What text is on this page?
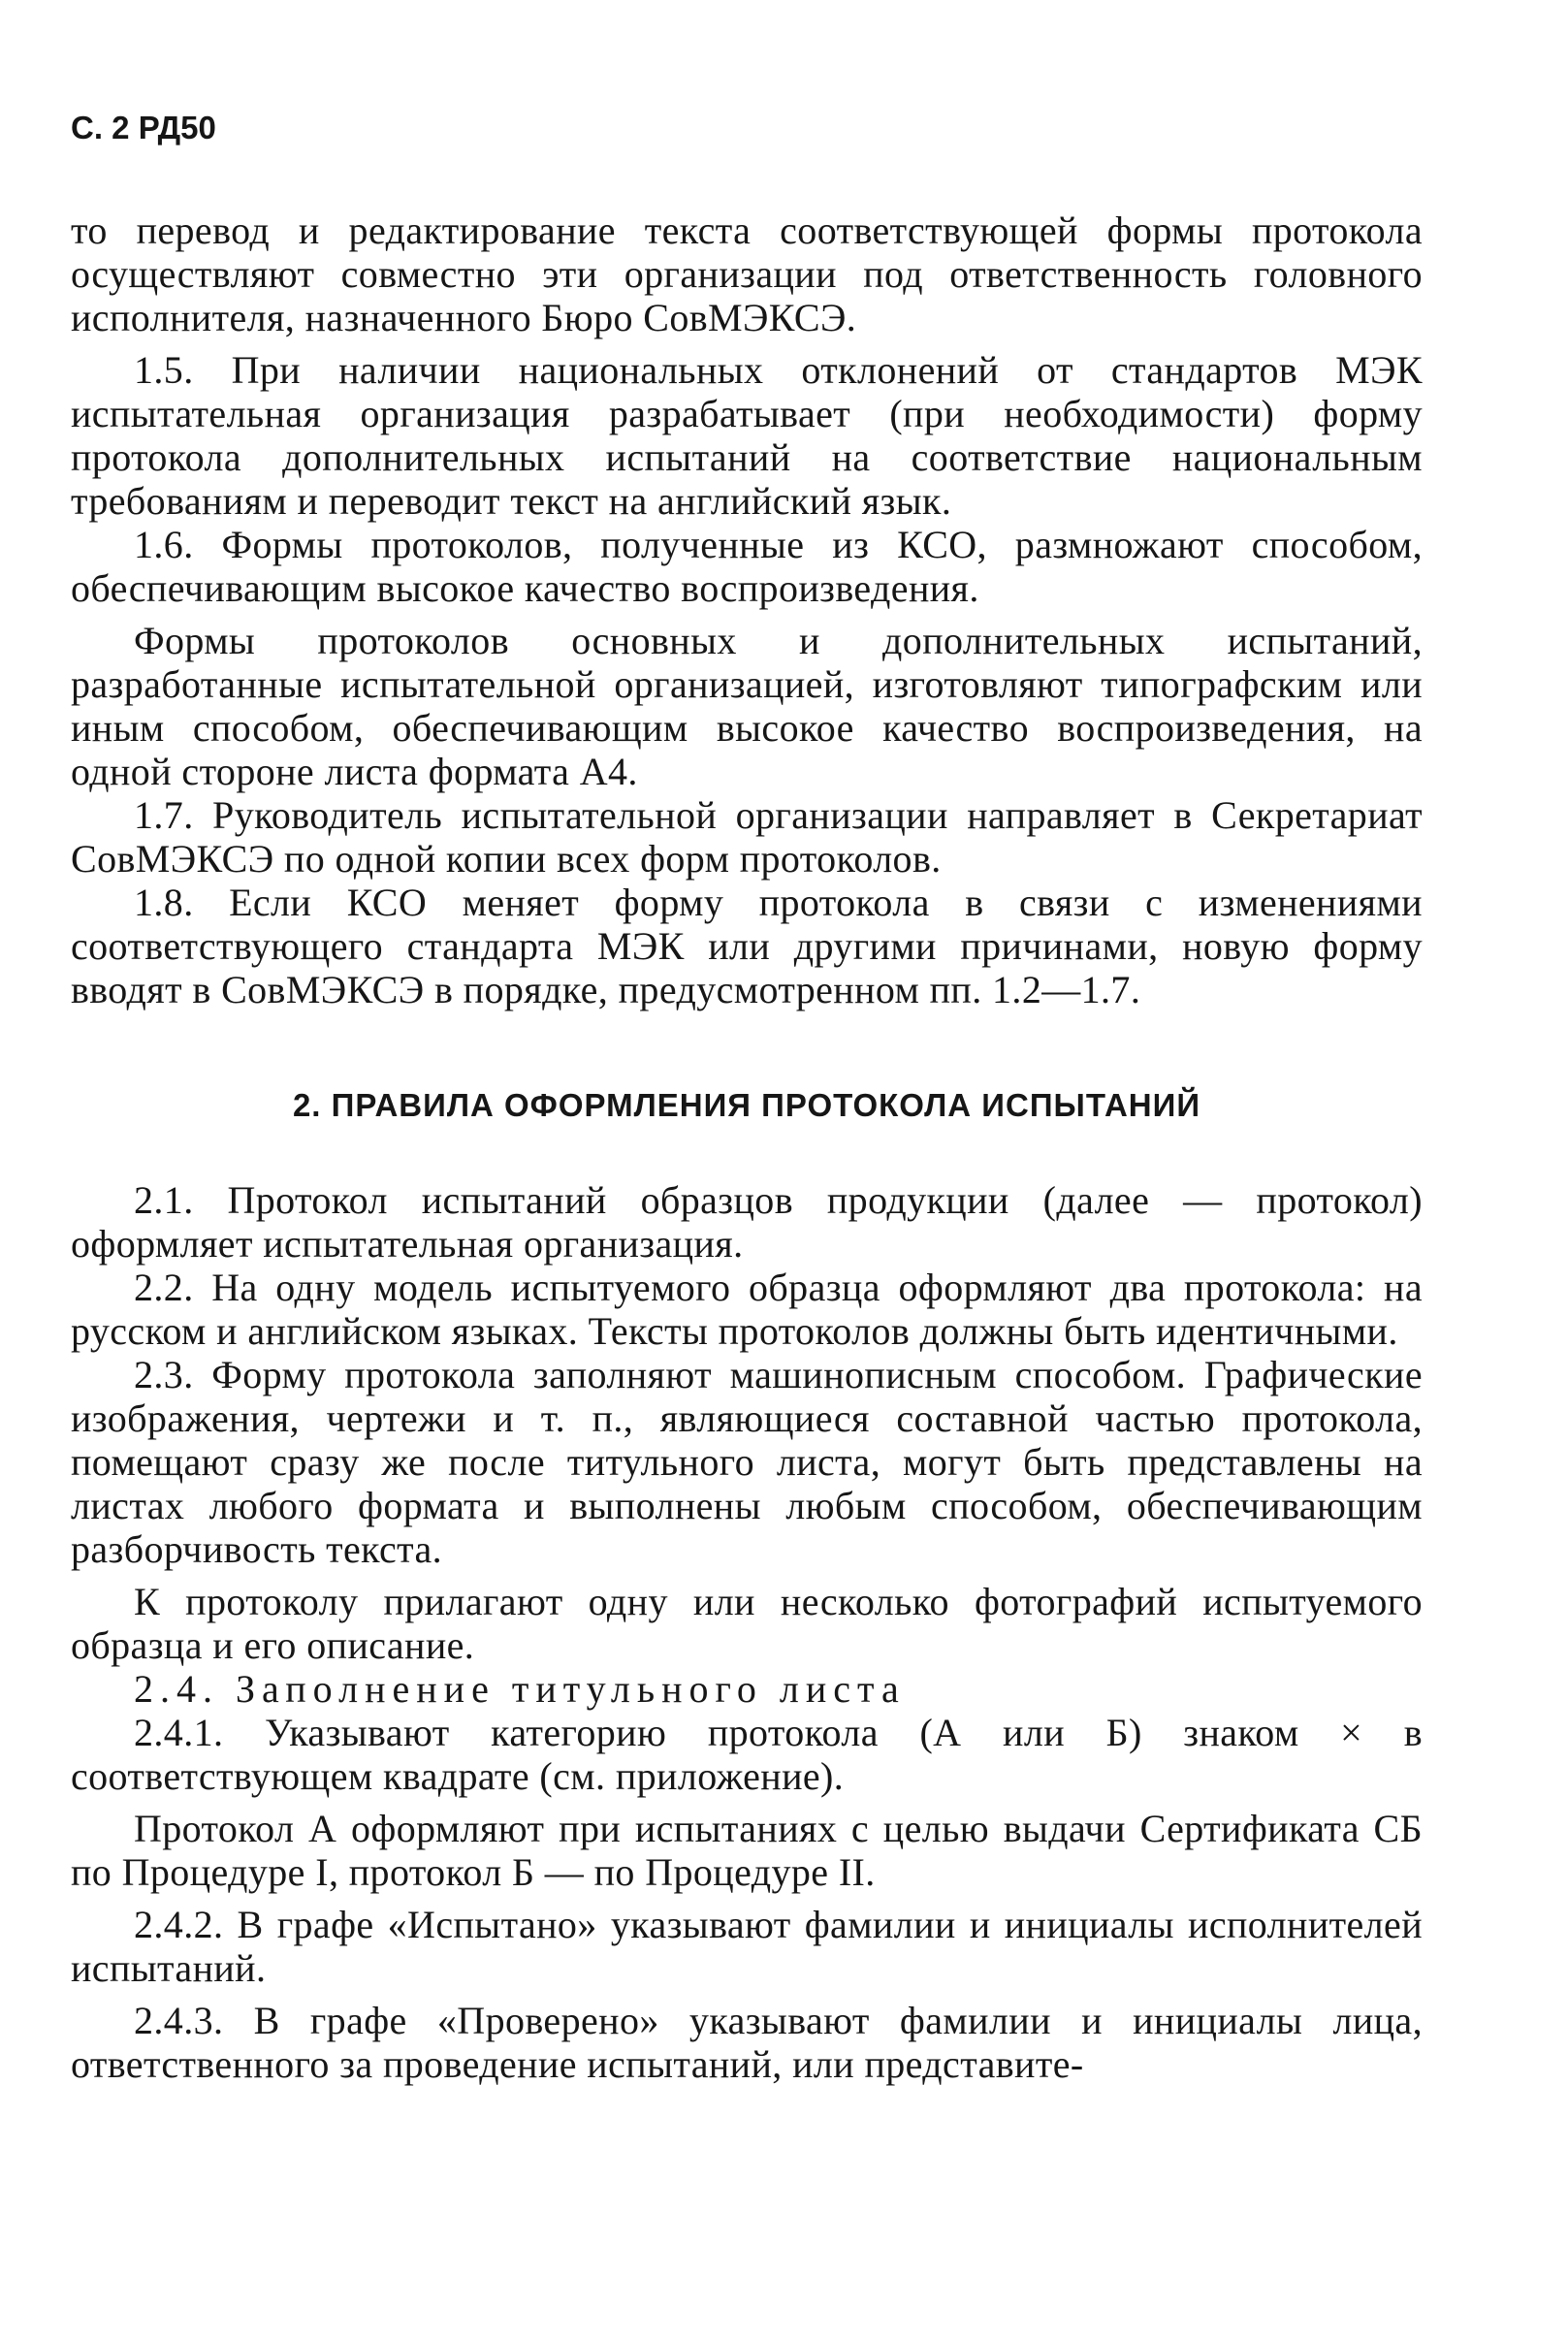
С. 2 РД50

то перевод и редактирование текста соответствующей формы протокола осуществляют совместно эти организации под ответственность головного исполнителя, назначенного Бюро СовМЭКСЭ.

1.5. При наличии национальных отклонений от стандартов МЭК испытательная организация разрабатывает (при необходимости) форму протокола дополнительных испытаний на соответствие национальным требованиям и переводит текст на английский язык.

1.6. Формы протоколов, полученные из КСО, размножают способом, обеспечивающим высокое качество воспроизведения.

Формы протоколов основных и дополнительных испытаний, разработанные испытательной организацией, изготовляют типографским или иным способом, обеспечивающим высокое качество воспроизведения, на одной стороне листа формата А4.

1.7. Руководитель испытательной организации направляет в Секретариат СовМЭКСЭ по одной копии всех форм протоколов.

1.8. Если КСО меняет форму протокола в связи с изменениями соответствующего стандарта МЭК или другими причинами, новую форму вводят в СовМЭКСЭ в порядке, предусмотренном пп. 1.2—1.7.

2. ПРАВИЛА ОФОРМЛЕНИЯ ПРОТОКОЛА ИСПЫТАНИЙ

2.1. Протокол испытаний образцов продукции (далее — протокол) оформляет испытательная организация.

2.2. На одну модель испытуемого образца оформляют два протокола: на русском и английском языках. Тексты протоколов должны быть идентичными.

2.3. Форму протокола заполняют машинописным способом. Графические изображения, чертежи и т. п., являющиеся составной частью протокола, помещают сразу же после титульного листа, могут быть представлены на листах любого формата и выполнены любым способом, обеспечивающим разборчивость текста.

К протоколу прилагают одну или несколько фотографий испытуемого образца и его описание.

2.4. Заполнение титульного листа

2.4.1. Указывают категорию протокола (А или Б) знаком × в соответствующем квадрате (см. приложение).

Протокол А оформляют при испытаниях с целью выдачи Сертификата СБ по Процедуре I, протокол Б — по Процедуре II.

2.4.2. В графе «Испытано» указывают фамилии и инициалы исполнителей испытаний.

2.4.3. В графе «Проверено» указывают фамилии и инициалы лица, ответственного за проведение испытаний, или представите-
